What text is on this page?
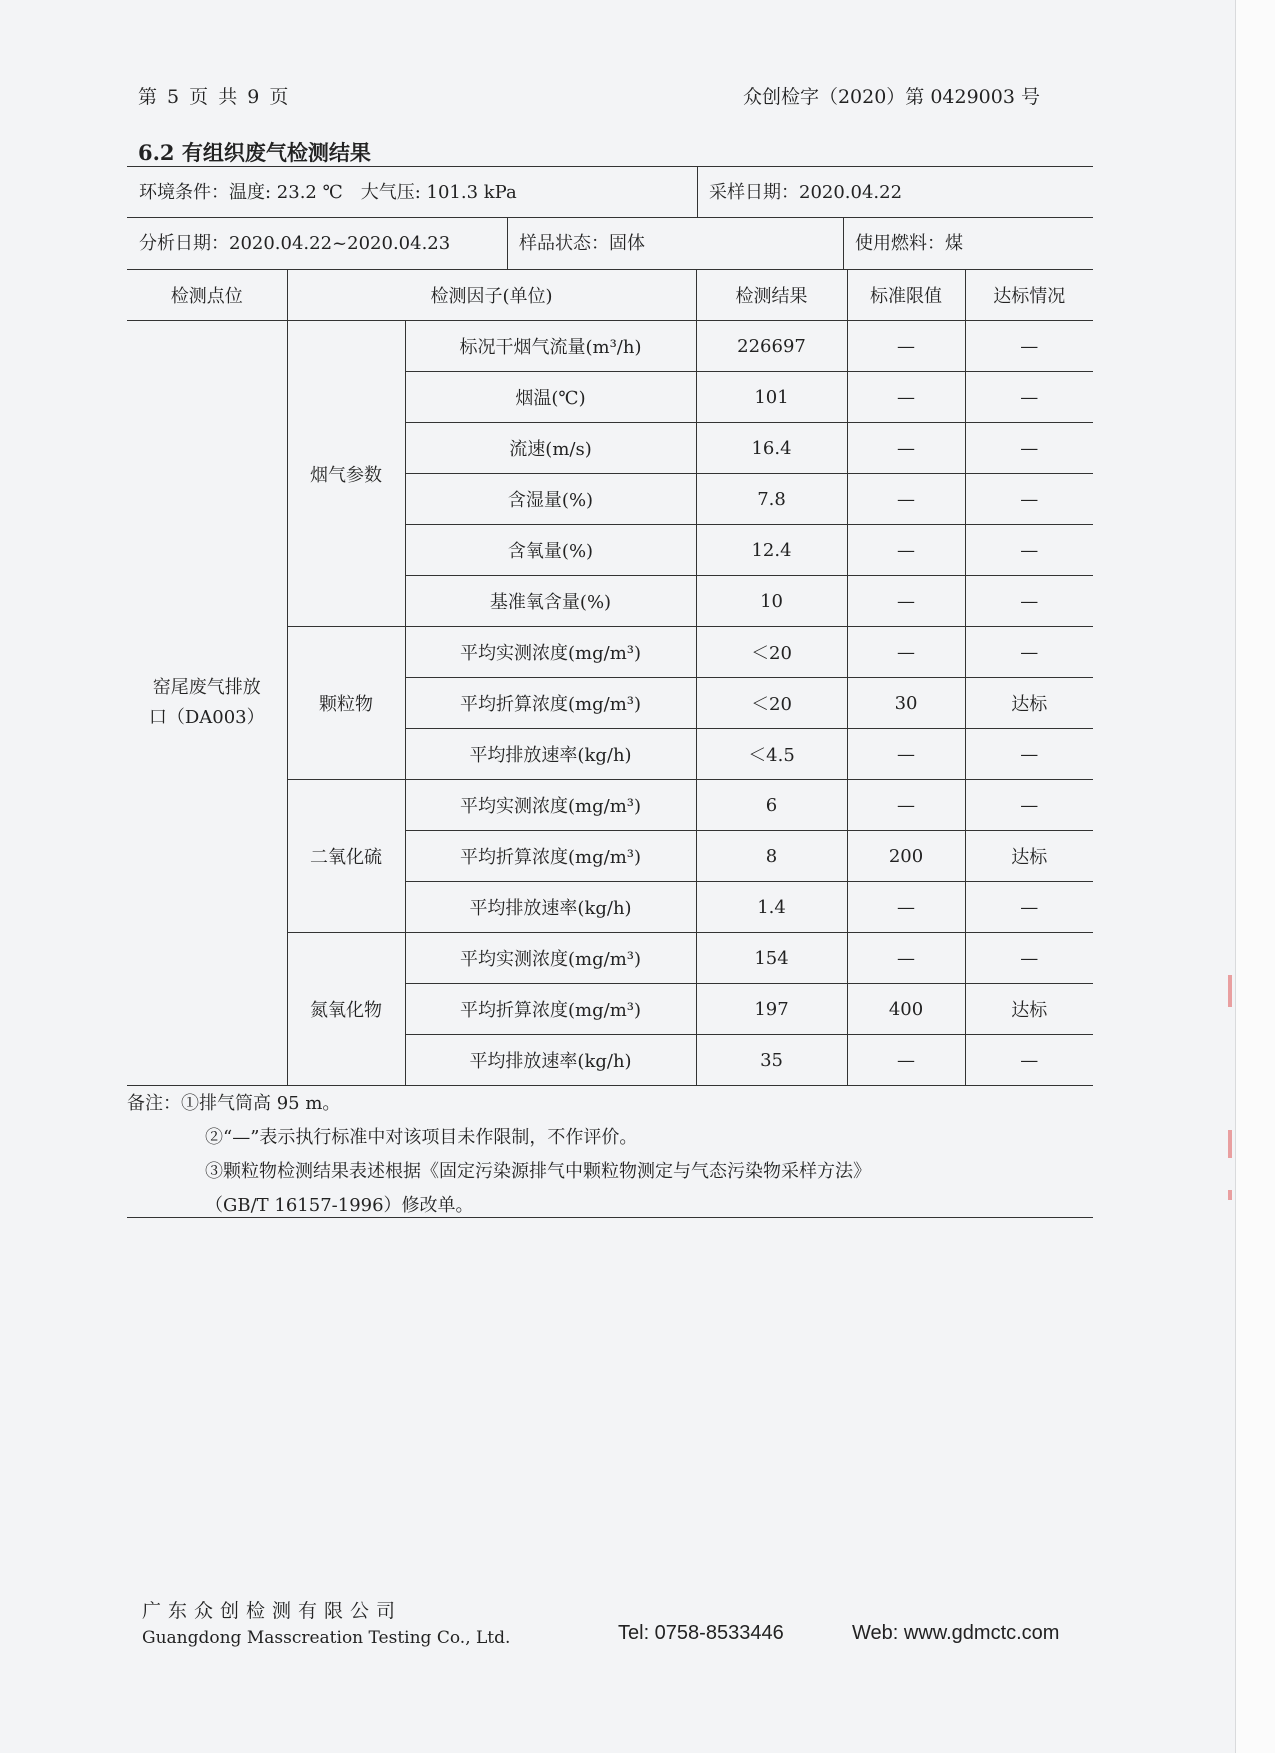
第 5 页 共 9 页	众创检字（2020）第 0429003 号
6.2 有组织废气检测结果
环境条件：温度: 23.2 ℃　大气压: 101.3 kPa	采样日期：2020.04.22
分析日期：2020.04.22~2020.04.23	样品状态：固体	使用燃料：煤
检测点位	检测因子(单位)		检测结果	标准限值	达标情况

窑尾废气排放
口（DA003）	烟气参数	标况干烟气流量(m³/h)	226697	—	—
		烟温(℃)	101	—	—
		流速(m/s)	16.4	—	—
		含湿量(%)	7.8	—	—
		含氧量(%)	12.4	—	—
		基准氧含量(%)	10	—	—
	颗粒物	平均实测浓度(mg/m³)	＜20	—	—
		平均折算浓度(mg/m³)	＜20	30	达标
		平均排放速率(kg/h)	＜4.5	—	—
	二氧化硫	平均实测浓度(mg/m³)	6	—	—
		平均折算浓度(mg/m³)	8	200	达标
		平均排放速率(kg/h)	1.4	—	—
	氮氧化物	平均实测浓度(mg/m³)	154	—	—
		平均折算浓度(mg/m³)	197	400	达标
		平均排放速率(kg/h)	35	—	—
备注：①排气筒高 95 m。
②“—”表示执行标准中对该项目未作限制，不作评价。
③颗粒物检测结果表述根据《固定污染源排气中颗粒物测定与气态污染物采样方法》
（GB/T 16157-1996）修改单。
广东众创检测有限公司
Guangdong Masscreation Testing Co., Ltd.	Tel: 0758-8533446	Web: www.gdmctc.com
